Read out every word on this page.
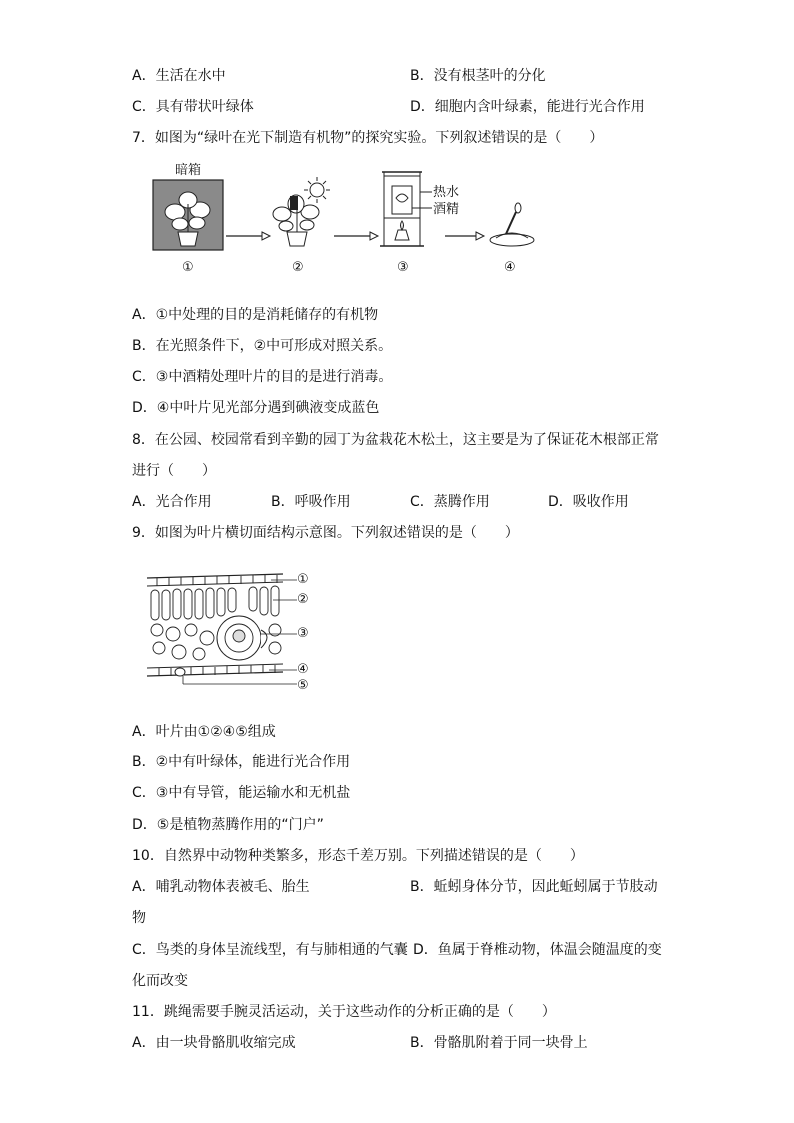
A．生活在水中	B．没有根茎叶的分化
C．具有带状叶绿体	D．细胞内含叶绿素，能进行光合作用
7．如图为“绿叶在光下制造有机物”的探究实验。下列叙述错误的是（　　）
暗箱
热水
酒精
①	②	③	④
A．①中处理的目的是消耗储存的有机物
B．在光照条件下，②中可形成对照关系。
C．③中酒精处理叶片的目的是进行消毒。
D．④中叶片见光部分遇到碘液变成蓝色
8．在公园、校园常看到辛勤的园丁为盆栽花木松土，这主要是为了保证花木根部正常
进行（　　）
A．光合作用	B．呼吸作用	C．蒸腾作用	D．吸收作用
9．如图为叶片横切面结构示意图。下列叙述错误的是（　　）
①
②
③
④
⑤
A．叶片由①②④⑤组成
B．②中有叶绿体，能进行光合作用
C．③中有导管，能运输水和无机盐
D．⑤是植物蒸腾作用的“门户”
10．自然界中动物种类繁多，形态千差万别。下列描述错误的是（　　）
A．哺乳动物体表被毛、胎生	B．蚯蚓身体分节，因此蚯蚓属于节肢动
物
C．鸟类的身体呈流线型，有与肺相通的气囊 D．鱼属于脊椎动物，体温会随温度的变
化而改变
11．跳绳需要手腕灵活运动，关于这些动作的分析正确的是（　　）
A．由一块骨骼肌收缩完成	B．骨骼肌附着于同一块骨上
